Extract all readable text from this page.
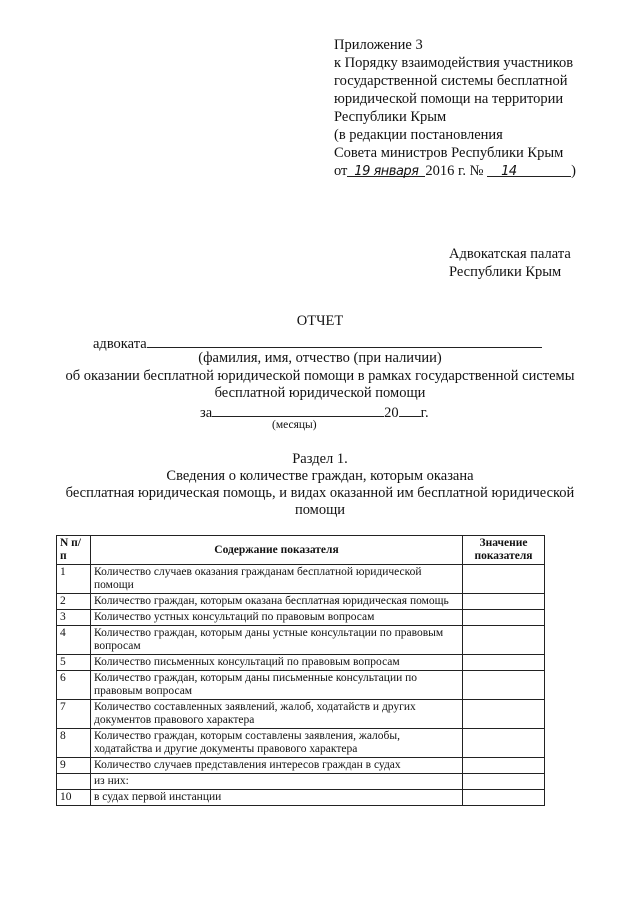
Приложение 3
к Порядку взаимодействия участников
государственной системы бесплатной
юридической помощи на территории
Республики Крым
(в редакции постановления
Совета министров Республики Крым
от 19 января 2016 г. № 14	)
Адвокатская палата
Республики Крым
ОТЧЕТ
адвоката
(фамилия, имя, отчество (при наличии)
об оказании бесплатной юридической помощи в рамках государственной системы
бесплатной юридической помощи
за	20 г.
(месяцы)
Раздел 1.
Сведения о количестве граждан, которым оказана
бесплатная юридическая помощь, и видах оказанной им бесплатной юридической
помощи
N п/п	Содержание показателя	Значение показателя
1	Количество случаев оказания гражданам бесплатной юридической помощи	
2	Количество граждан, которым оказана бесплатная юридическая помощь	
3	Количество устных консультаций по правовым вопросам	
4	Количество граждан, которым даны устные консультации по правовым вопросам	
5	Количество письменных консультаций по правовым вопросам	
6	Количество граждан, которым даны письменные консультации по правовым вопросам	
7	Количество составленных заявлений, жалоб, ходатайств и других документов правового характера	
8	Количество граждан, которым составлены заявления, жалобы, ходатайства и другие документы правового характера	
9	Количество случаев представления интересов граждан в судах	
	из них:	
10	в судах первой инстанции	
